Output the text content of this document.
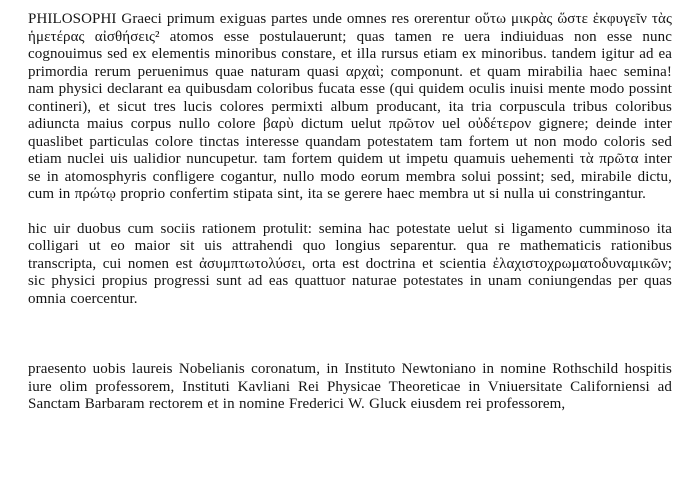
PHILOSOPHI Graeci primum exiguas partes unde omnes res orerentur οὕτω μικρὰς ὥστε ἐκφυγεῖν τὰς ἡμετέρας αἰσθήσεις² atomos esse postulauerunt; quas tamen re uera indiuiduas non esse nunc cognouimus sed ex elementis minoribus constare, et illa rursus etiam ex minoribus. tandem igitur ad ea primordia rerum peruenimus quae naturam quasi αρχαὶ; componunt. et quam mirabilia haec semina! nam physici declarant ea quibusdam coloribus fucata esse (qui quidem oculis inuisi mente modo possint contineri), et sicut tres lucis colores permixti album producant, ita tria corpuscula tribus coloribus adiuncta maius corpus nullo colore βαρὺ dictum uelut πρῶτον uel οὐδέτερον gignere; deinde inter quaslibet particulas colore tinctas interesse quandam potestatem tam fortem ut non modo coloris sed etiam nuclei uis ualidior nuncupetur. tam fortem quidem ut impetu quamuis uehementi τὰ πρῶτα inter se in atomosphyris confligere cogantur, nullo modo eorum membra solui possint; sed, mirabile dictu, cum in πρώτῳ proprio confertim stipata sint, ita se gerere haec membra ut si nulla ui constringantur.

hic uir duobus cum sociis rationem protulit: semina hac potestate uelut si ligamento cumminoso ita colligari ut eo maior sit uis attrahendi quo longius separentur. qua re mathematicis rationibus transcripta, cui nomen est ἀσυμπτωτολύσει, orta est doctrina et scientia ἐλαχιστοχρωματοδυναμικῶν; sic physici propius progressi sunt ad eas quattuor naturae potestates in unam coniungendas per quas omnia coercentur.

praesento uobis laureis Nobelianis coronatum, in Instituto Newtoniano in nomine Rothschild hospitis iure olim professorem, Instituti Kavliani Rei Physicae Theoreticae in Vniuersitate Californiensi ad Sanctam Barbaram rectorem et in nomine Frederici W. Gluck eiusdem rei professorem,
